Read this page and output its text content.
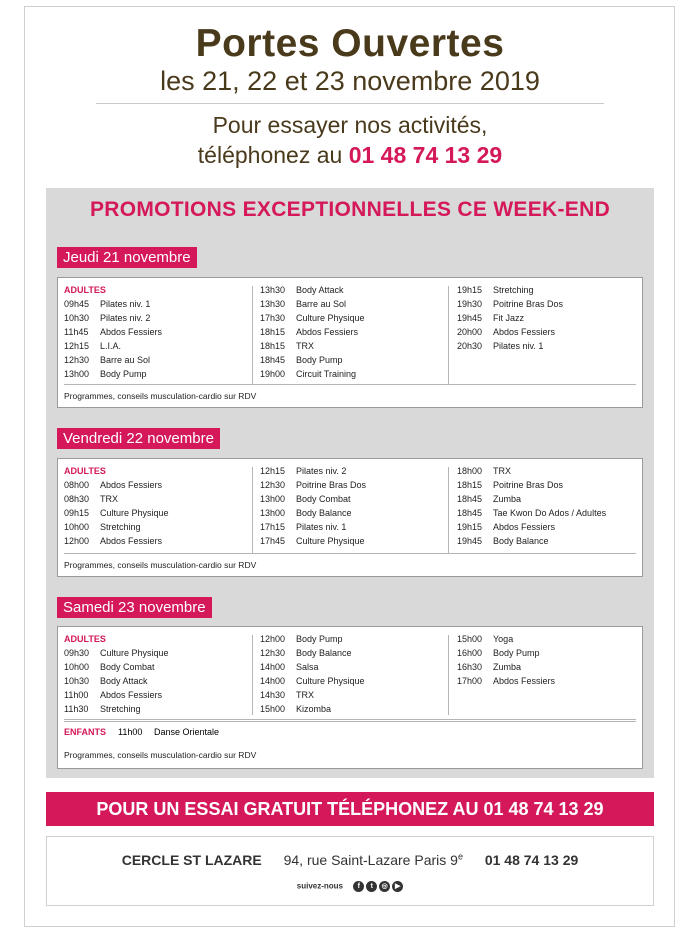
Portes Ouvertes
les 21, 22 et 23 novembre 2019
Pour essayer nos activités,
téléphonez au 01 48 74 13 29
PROMOTIONS EXCEPTIONNELLES CE WEEK-END
Jeudi 21 novembre
ADULTES
09h45 Pilates niv. 1
10h30 Pilates niv. 2
11h45 Abdos Fessiers
12h15 L.I.A.
12h30 Barre au Sol
13h00 Body Pump
13h30 Body Attack
13h30 Barre au Sol
17h30 Culture Physique
18h15 Abdos Fessiers
18h15 TRX
18h45 Body Pump
19h00 Circuit Training
19h15 Stretching
19h30 Poitrine Bras Dos
19h45 Fit Jazz
20h00 Abdos Fessiers
20h30 Pilates niv. 1
Programmes, conseils musculation-cardio sur RDV
Vendredi 22 novembre
ADULTES
08h00 Abdos Fessiers
08h30 TRX
09h15 Culture Physique
10h00 Stretching
12h00 Abdos Fessiers
12h15 Pilates niv. 2
12h30 Poitrine Bras Dos
13h00 Body Combat
13h00 Body Balance
17h15 Pilates niv. 1
17h45 Culture Physique
18h00 TRX
18h15 Poitrine Bras Dos
18h45 Zumba
18h45 Tae Kwon Do Ados / Adultes
19h15 Abdos Fessiers
19h45 Body Balance
Programmes, conseils musculation-cardio sur RDV
Samedi 23 novembre
ADULTES
09h30 Culture Physique
10h00 Body Combat
10h30 Body Attack
11h00 Abdos Fessiers
11h30 Stretching
12h00 Body Pump
12h30 Body Balance
14h00 Salsa
14h00 Culture Physique
14h30 TRX
15h00 Kizomba
15h00 Yoga
16h00 Body Pump
16h30 Zumba
17h00 Abdos Fessiers
ENFANTS 11h00 Danse Orientale
Programmes, conseils musculation-cardio sur RDV
POUR UN ESSAI GRATUIT TÉLÉPHONEZ AU 01 48 74 13 29
CERCLE ST LAZARE 94, rue Saint-Lazare Paris 9e 01 48 74 13 29
suivez-nous f t ◎ ▶
